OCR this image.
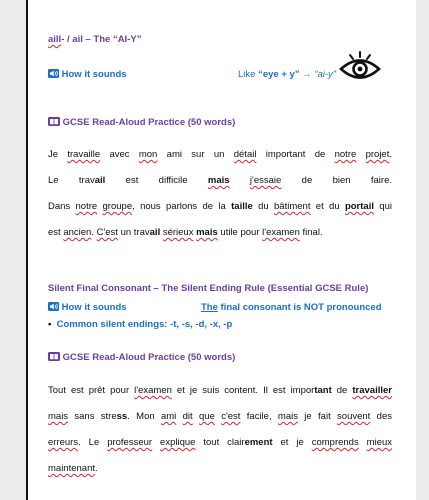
aill- / ail – The “AI-Y”
How it sounds	Like “eye + y” → “ai-y”
GCSE Read-Aloud Practice (50 words)
Je travaille avec mon ami sur un détail important de notre projet.
Le travail est difficile mais j'essaie de bien faire.
Dans notre groupe, nous parlons de la taille du bâtiment et du portail qui
est ancien. C'est un travail sérieux mais utile pour l'examen final.
Silent Final Consonant – The Silent Ending Rule (Essential GCSE Rule)
How it sounds	The final consonant is NOT pronounced
• Common silent endings: -t, -s, -d, -x, -p
GCSE Read-Aloud Practice (50 words)
Tout est prêt pour l'examen et je suis content. Il est important de travailler
mais sans stress. Mon ami dit que c'est facile, mais je fait souvent des
erreurs. Le professeur explique tout clairement et je comprends mieux
maintenant.
